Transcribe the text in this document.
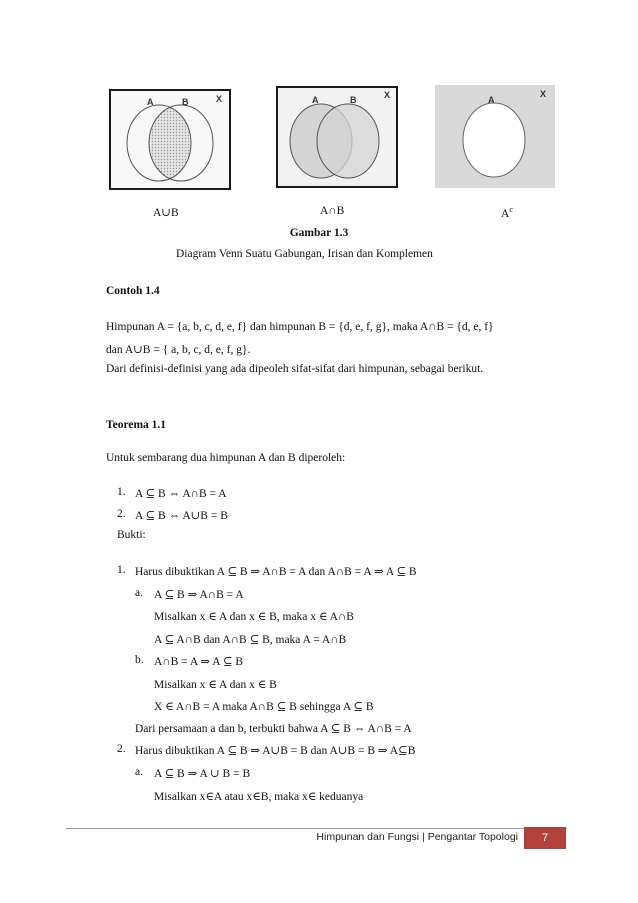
A	B	X	A	B	X	A
X
A∪B	A∩B	$A^c$
Gambar 1.3
Diagram Venn Suatu Gabungan, Irisan dan Komplemen
Contoh 1.4
Himpunan A = {a, b, c, d, e, f} dan himpunan B = {d, e, f, g}, maka A∩B = {d, e, f}
dan A∪B = { a, b, c, d, e, f, g}.
Dari definisi-definisi yang ada dipeoleh sifat-sifat dari himpunan, sebagai berikut.
Teorema 1.1
Untuk sembarang dua himpunan A dan B diperoleh:
1. A ⊆ B ⇔ A∩B = A
2. A ⊆ B ⇔ A∪B = B
Bukti:
1. Harus dibuktikan A ⊆ B ⇒ A∩B = A dan A∩B = A ⇒ A ⊆ B
a. A ⊆ B ⇒ A∩B = A
Misalkan x ∈ A dan x ∈ B, maka x ∈ A∩B
A ⊆ A∩B dan A∩B ⊆ B, maka A = A∩B
b. A∩B = A ⇒ A ⊆ B
Misalkan x ∈ A dan x ∈ B
X ∈ A∩B = A maka A∩B ⊆ B sehingga A ⊆ B
Dari persamaan a dan b, terbukti bahwa A ⊆ B ⇔ A∩B = A
2. Harus dibuktikan A ⊆ B ⇒ A∪B = B dan A∪B = B ⇒ A⊆B
a. A ⊆ B ⇒ A ∪ B = B
Misalkan x∈A atau x∈B, maka x∈ keduanya
Himpunan dan Fungsi | Pengantar Topologi	7
